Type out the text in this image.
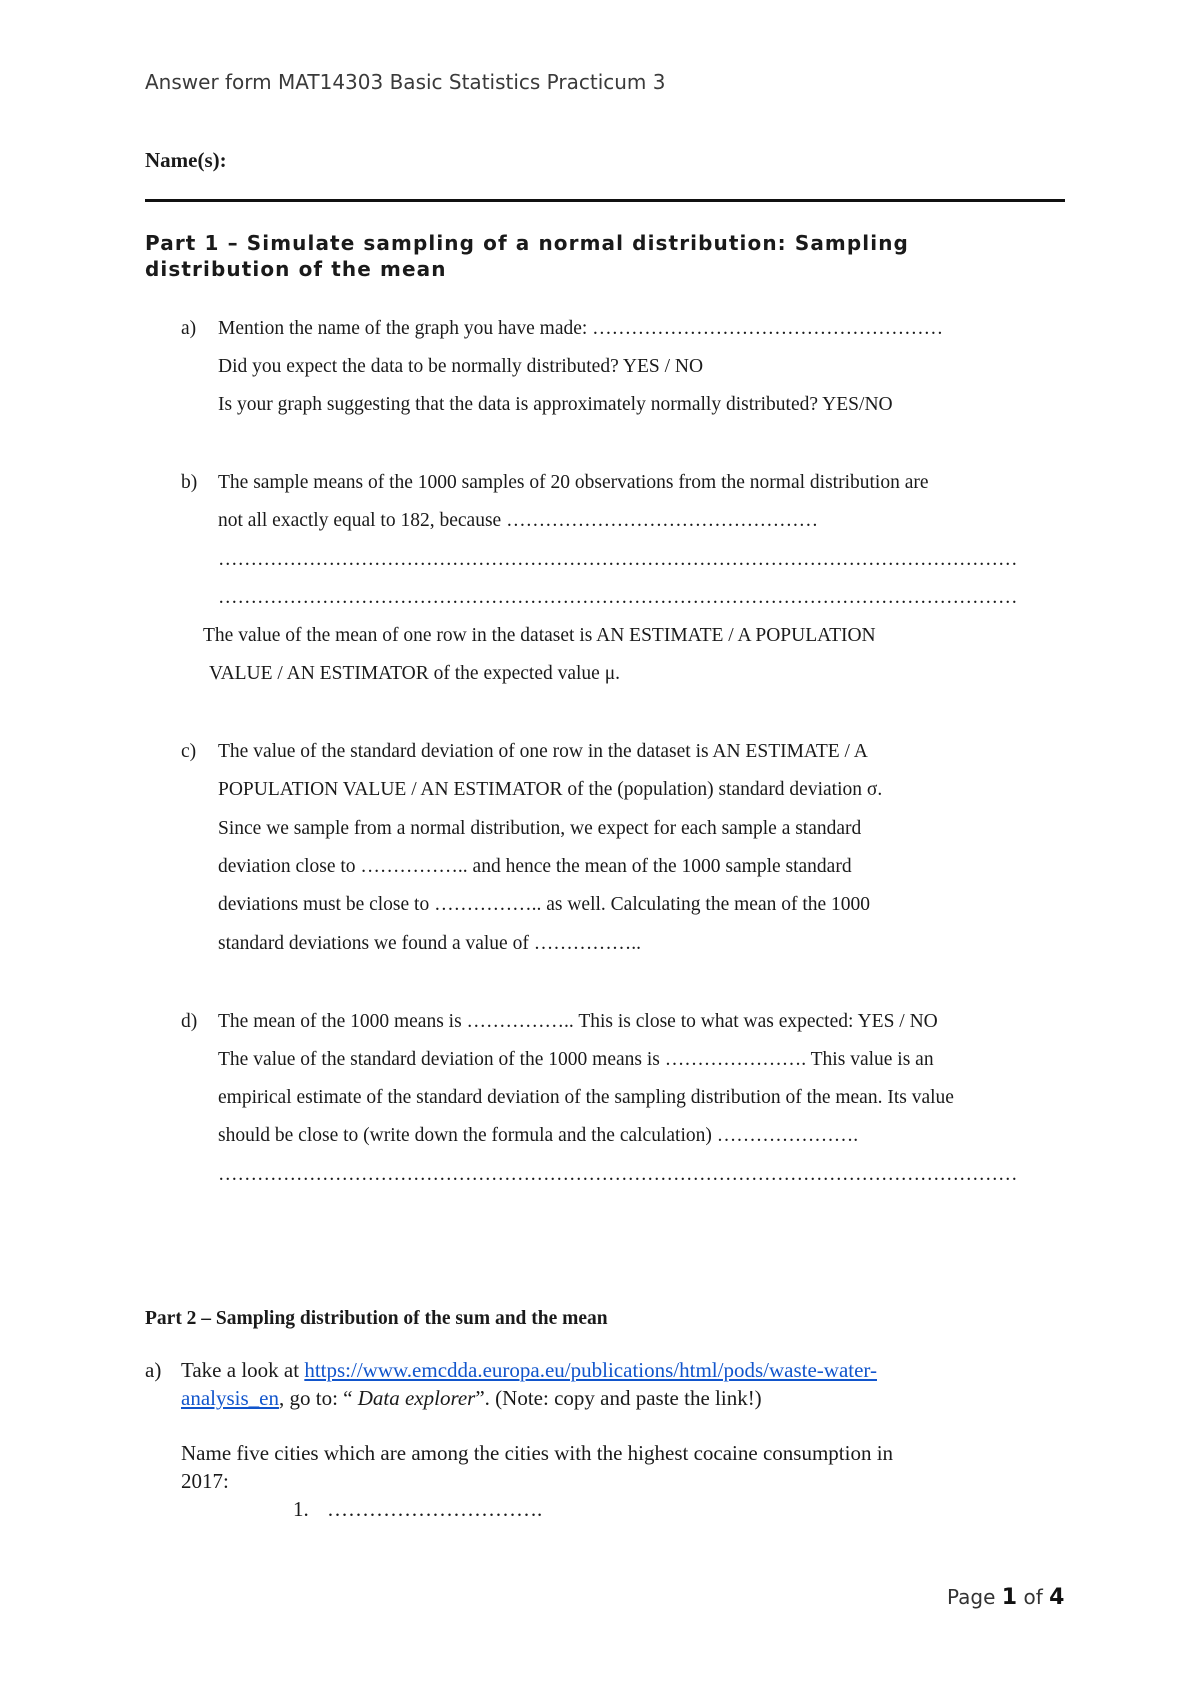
Answer form MAT14303 Basic Statistics Practicum 3
Name(s):
Part 1 – Simulate sampling of a normal distribution: Sampling distribution of the mean
a) Mention the name of the graph you have made: ………………………………………………
Did you expect the data to be normally distributed? YES / NO
Is your graph suggesting that the data is approximately normally distributed? YES/NO
b) The sample means of the 1000 samples of 20 observations from the normal distribution are
not all exactly equal to 182, because …………………………………………
……………………………………………………………………………………………………………
……………………………………………………………………………………………………………
The value of the mean of one row in the dataset is AN ESTIMATE / A POPULATION
VALUE / AN ESTIMATOR of the expected value μ.
c) The value of the standard deviation of one row in the dataset is AN ESTIMATE / A
POPULATION VALUE / AN ESTIMATOR of the (population) standard deviation σ.
Since we sample from a normal distribution, we expect for each sample a standard
deviation close to …………….. and hence the mean of the 1000 sample standard
deviations must be close to …………….. as well. Calculating the mean of the 1000
standard deviations we found a value of ……………..
d) The mean of the 1000 means is …………….. This is close to what was expected: YES / NO
The value of the standard deviation of the 1000 means is …………………. This value is an
empirical estimate of the standard deviation of the sampling distribution of the mean. Its value
should be close to (write down the formula and the calculation) ………………….
……………………………………………………………………………………………………………
Part 2 – Sampling distribution of the sum and the mean
a) Take a look at https://www.emcdda.europa.eu/publications/html/pods/waste-water-
analysis_en, go to: “ Data explorer”. (Note: copy and paste the link!)
Name five cities which are among the cities with the highest cocaine consumption in
2017:
1. ………………………….
Page 1 of 4
